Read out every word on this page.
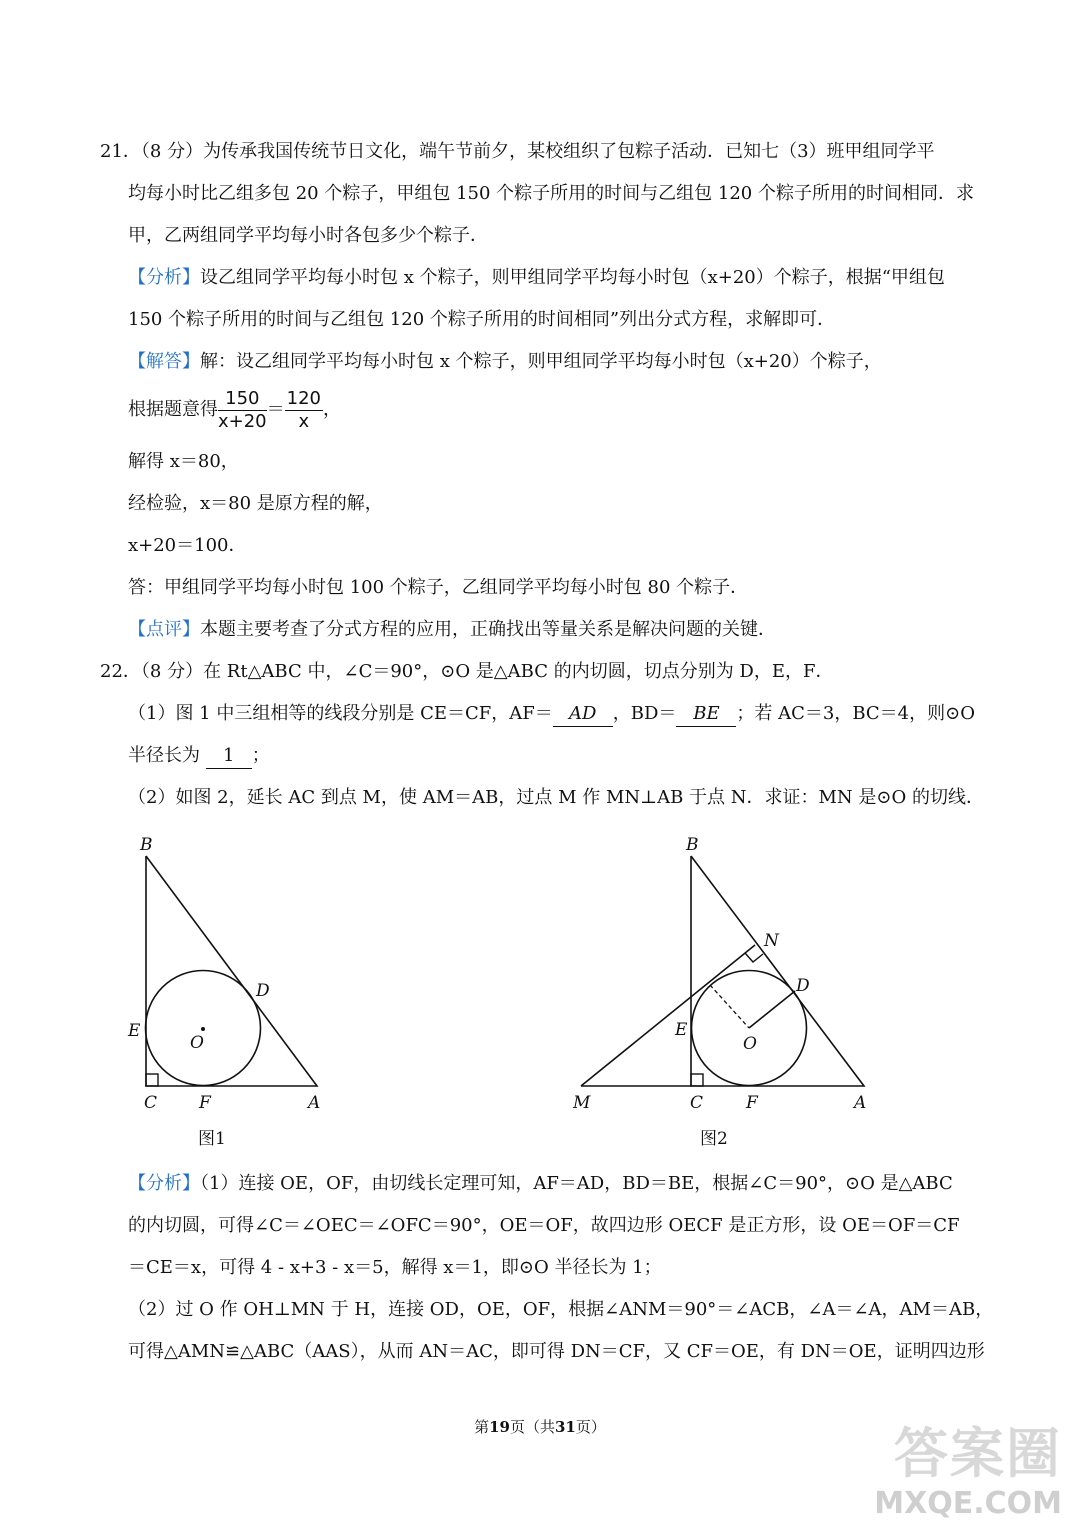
21．（8 分）为传承我国传统节日文化，端午节前夕，某校组织了包粽子活动．已知七（3）班甲组同学平
均每小时比乙组多包 20 个粽子，甲组包 150 个粽子所用的时间与乙组包 120 个粽子所用的时间相同．求
甲，乙两组同学平均每小时各包多少个粽子．
【分析】设乙组同学平均每小时包 x 个粽子，则甲组同学平均每小时包（x+20）个粽子，根据“甲组包
150 个粽子所用的时间与乙组包 120 个粽子所用的时间相同”列出分式方程，求解即可．
【解答】解：设乙组同学平均每小时包 x 个粽子，则甲组同学平均每小时包（x+20）个粽子，
根据题意得 $\frac{150}{x+20} = \frac{120}{x}$ ，
解得 x＝80，
经检验，x＝80 是原方程的解，
x+20＝100．
答：甲组同学平均每小时包 100 个粽子，乙组同学平均每小时包 80 个粽子．
【点评】本题主要考查了分式方程的应用，正确找出等量关系是解决问题的关键．
22．（8 分）在 Rt△ABC 中，∠C＝90°，⊙O 是△ABC 的内切圆，切点分别为 D，E，F．
（1）图 1 中三组相等的线段分别是 CE＝CF，AF＝ AD ，BD＝ BE ；若 AC＝3，BC＝4，则⊙O
半径长为 1 ；
（2）如图 2，延长 AC 到点 M，使 AM＝AB，过点 M 作 MN⊥AB 于点 N．求证：MN 是⊙O 的切线．
B
D
E
O
C F	A
图1
B
N
D
E
O
M	C	F	A
图2
【分析】（1）连接 OE，OF，由切线长定理可知，AF＝AD，BD＝BE，根据∠C＝90°，⊙O 是△ABC
的内切圆，可得∠C＝∠OEC＝∠OFC＝90°，OE＝OF，故四边形 OECF 是正方形，设 OE＝OF＝CF
＝CE＝x，可得 4 - x+3 - x＝5，解得 x＝1，即⊙O 半径长为 1；
（2）过 O 作 OH⊥MN 于 H，连接 OD，OE，OF，根据∠ANM＝90°＝∠ACB，∠A＝∠A，AM＝AB，
可得△AMN≌△ABC（AAS），从而 AN＝AC，即可得 DN＝CF，又 CF＝OE，有 DN＝OE，证明四边形
第19页（共31页）	答案圈
MXQE.COM
